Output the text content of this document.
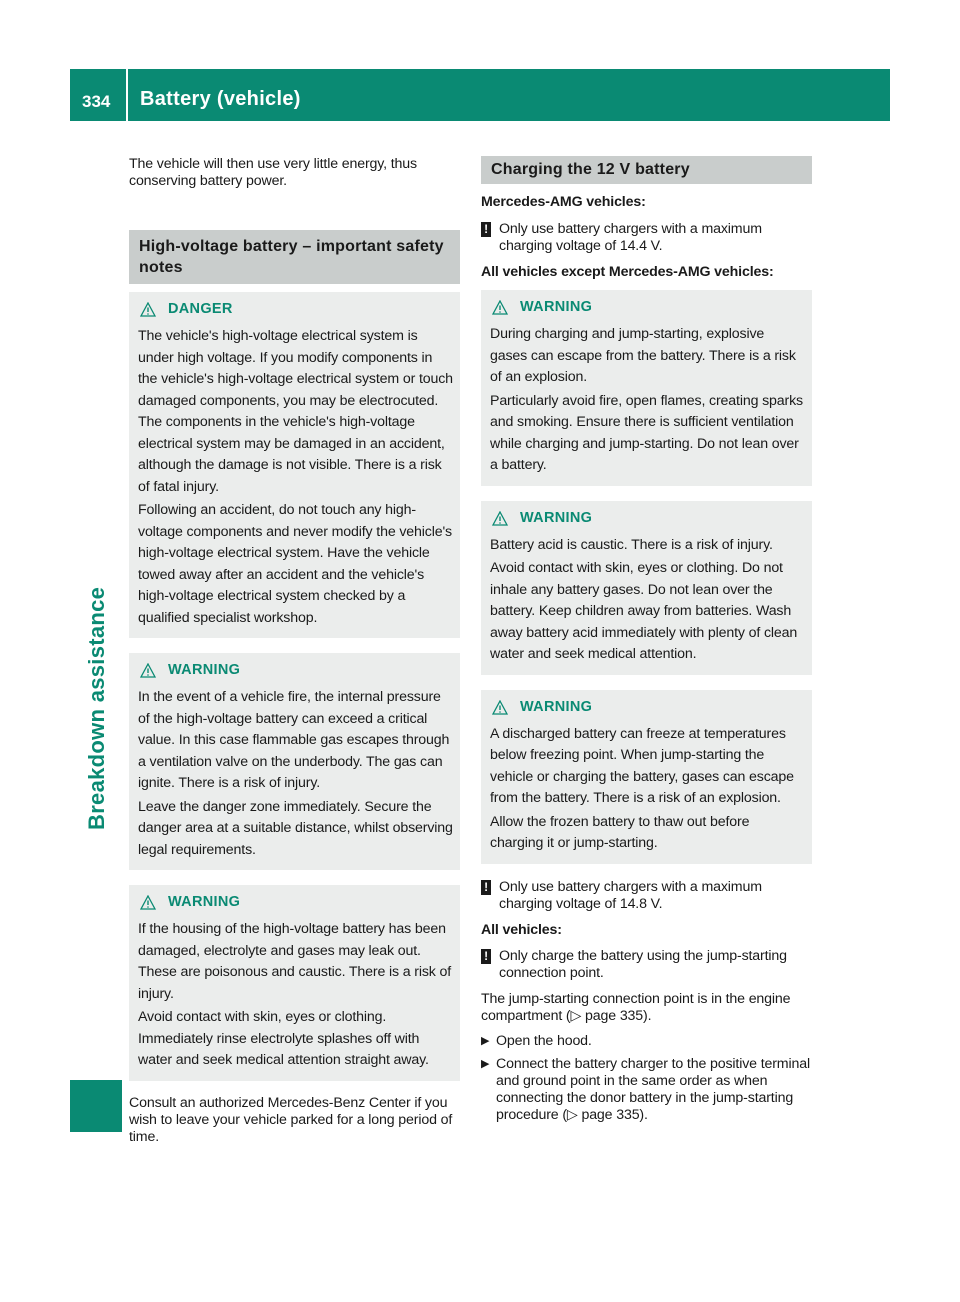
334 Battery (vehicle)
Breakdown assistance

The vehicle will then use very little energy, thus conserving battery power.

High-voltage battery – important safety notes
DANGER

The vehicle's high-voltage electrical system is under high voltage. If you modify components in the vehicle's high-voltage electrical system or touch damaged components, you may be electrocuted. The components in the vehicle's high-voltage electrical system may be damaged in an accident, although the damage is not visible. There is a risk of fatal injury.

Following an accident, do not touch any high-voltage components and never modify the vehicle's high-voltage electrical system. Have the vehicle towed away after an accident and the vehicle's high-voltage electrical system checked by a qualified specialist workshop.

WARNING

In the event of a vehicle fire, the internal pressure of the high-voltage battery can exceed a critical value. In this case flammable gas escapes through a ventilation valve on the underbody. The gas can ignite. There is a risk of injury.

Leave the danger zone immediately. Secure the danger area at a suitable distance, whilst observing legal requirements.

WARNING

If the housing of the high-voltage battery has been damaged, electrolyte and gases may leak out. These are poisonous and caustic. There is a risk of injury.

Avoid contact with skin, eyes or clothing. Immediately rinse electrolyte splashes off with water and seek medical attention straight away.

Consult an authorized Mercedes-Benz Center if you wish to leave your vehicle parked for a long period of time.

Charging the 12 V battery

Mercedes-AMG vehicles:

! Only use battery chargers with a maximum charging voltage of 14.4 V.

All vehicles except Mercedes-AMG vehicles:

WARNING

During charging and jump-starting, explosive gases can escape from the battery. There is a risk of an explosion.

Particularly avoid fire, open flames, creating sparks and smoking. Ensure there is sufficient ventilation while charging and jump-starting. Do not lean over a battery.

WARNING

Battery acid is caustic. There is a risk of injury.

Avoid contact with skin, eyes or clothing. Do not inhale any battery gases. Do not lean over the battery. Keep children away from batteries. Wash away battery acid immediately with plenty of clean water and seek medical attention.

WARNING

A discharged battery can freeze at temperatures below freezing point. When jump-starting the vehicle or charging the battery, gases can escape from the battery. There is a risk of an explosion.

Allow the frozen battery to thaw out before charging it or jump-starting.

! Only use battery chargers with a maximum charging voltage of 14.8 V.

All vehicles:

! Only charge the battery using the jump-starting connection point.

The jump-starting connection point is in the engine compartment (▷ page 335).

▶ Open the hood.
▶ Connect the battery charger to the positive terminal and ground point in the same order as when connecting the donor battery in the jump-starting procedure (▷ page 335).
